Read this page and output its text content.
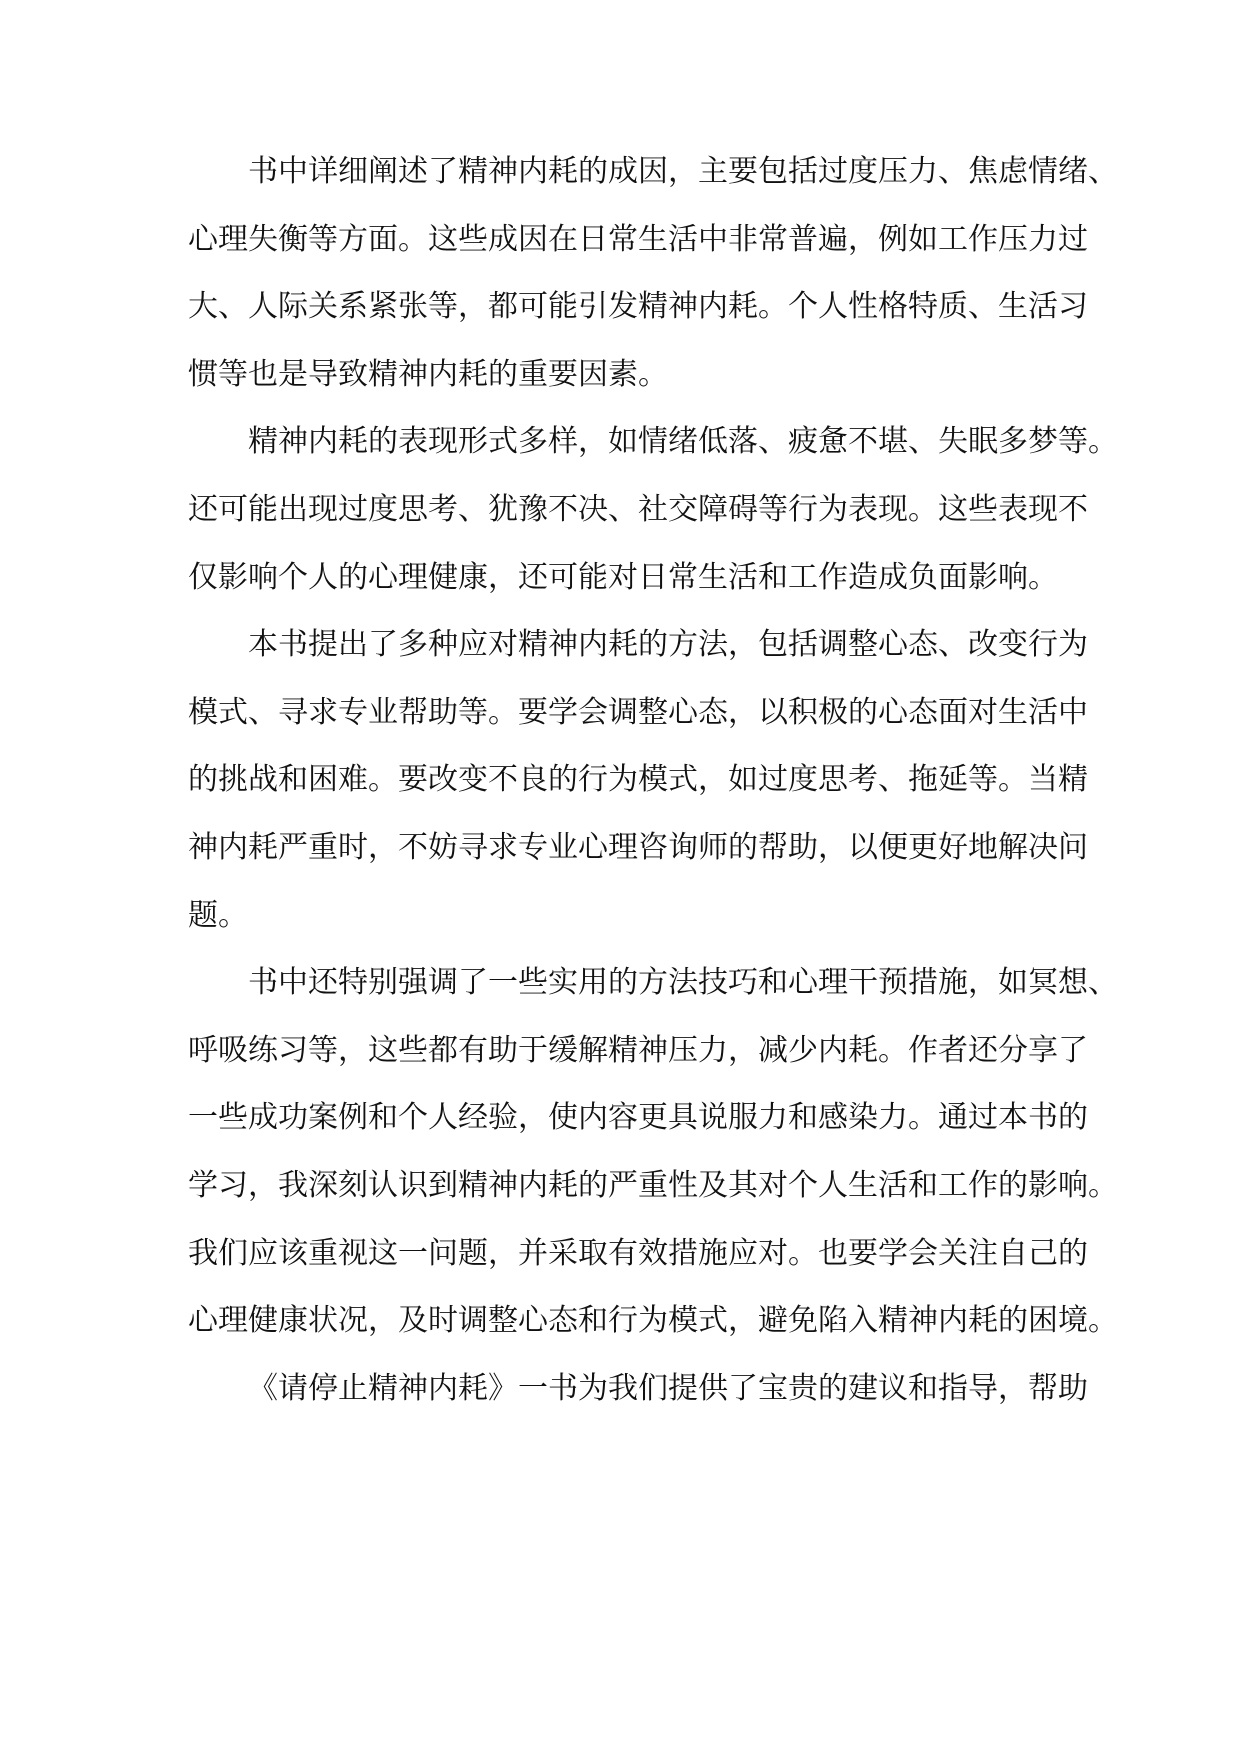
书中详细阐述了精神内耗的成因，主要包括过度压力、焦虑情绪、
心理失衡等方面。这些成因在日常生活中非常普遍，例如工作压力过
大、人际关系紧张等，都可能引发精神内耗。个人性格特质、生活习
惯等也是导致精神内耗的重要因素。
精神内耗的表现形式多样，如情绪低落、疲惫不堪、失眠多梦等。
还可能出现过度思考、犹豫不决、社交障碍等行为表现。这些表现不
仅影响个人的心理健康，还可能对日常生活和工作造成负面影响。
本书提出了多种应对精神内耗的方法，包括调整心态、改变行为
模式、寻求专业帮助等。要学会调整心态，以积极的心态面对生活中
的挑战和困难。要改变不良的行为模式，如过度思考、拖延等。当精
神内耗严重时，不妨寻求专业心理咨询师的帮助，以便更好地解决问
题。
书中还特别强调了一些实用的方法技巧和心理干预措施，如冥想、
呼吸练习等，这些都有助于缓解精神压力，减少内耗。作者还分享了
一些成功案例和个人经验，使内容更具说服力和感染力。通过本书的
学习，我深刻认识到精神内耗的严重性及其对个人生活和工作的影响。
我们应该重视这一问题，并采取有效措施应对。也要学会关注自己的
心理健康状况，及时调整心态和行为模式，避免陷入精神内耗的困境。
《请停止精神内耗》一书为我们提供了宝贵的建议和指导，帮助
